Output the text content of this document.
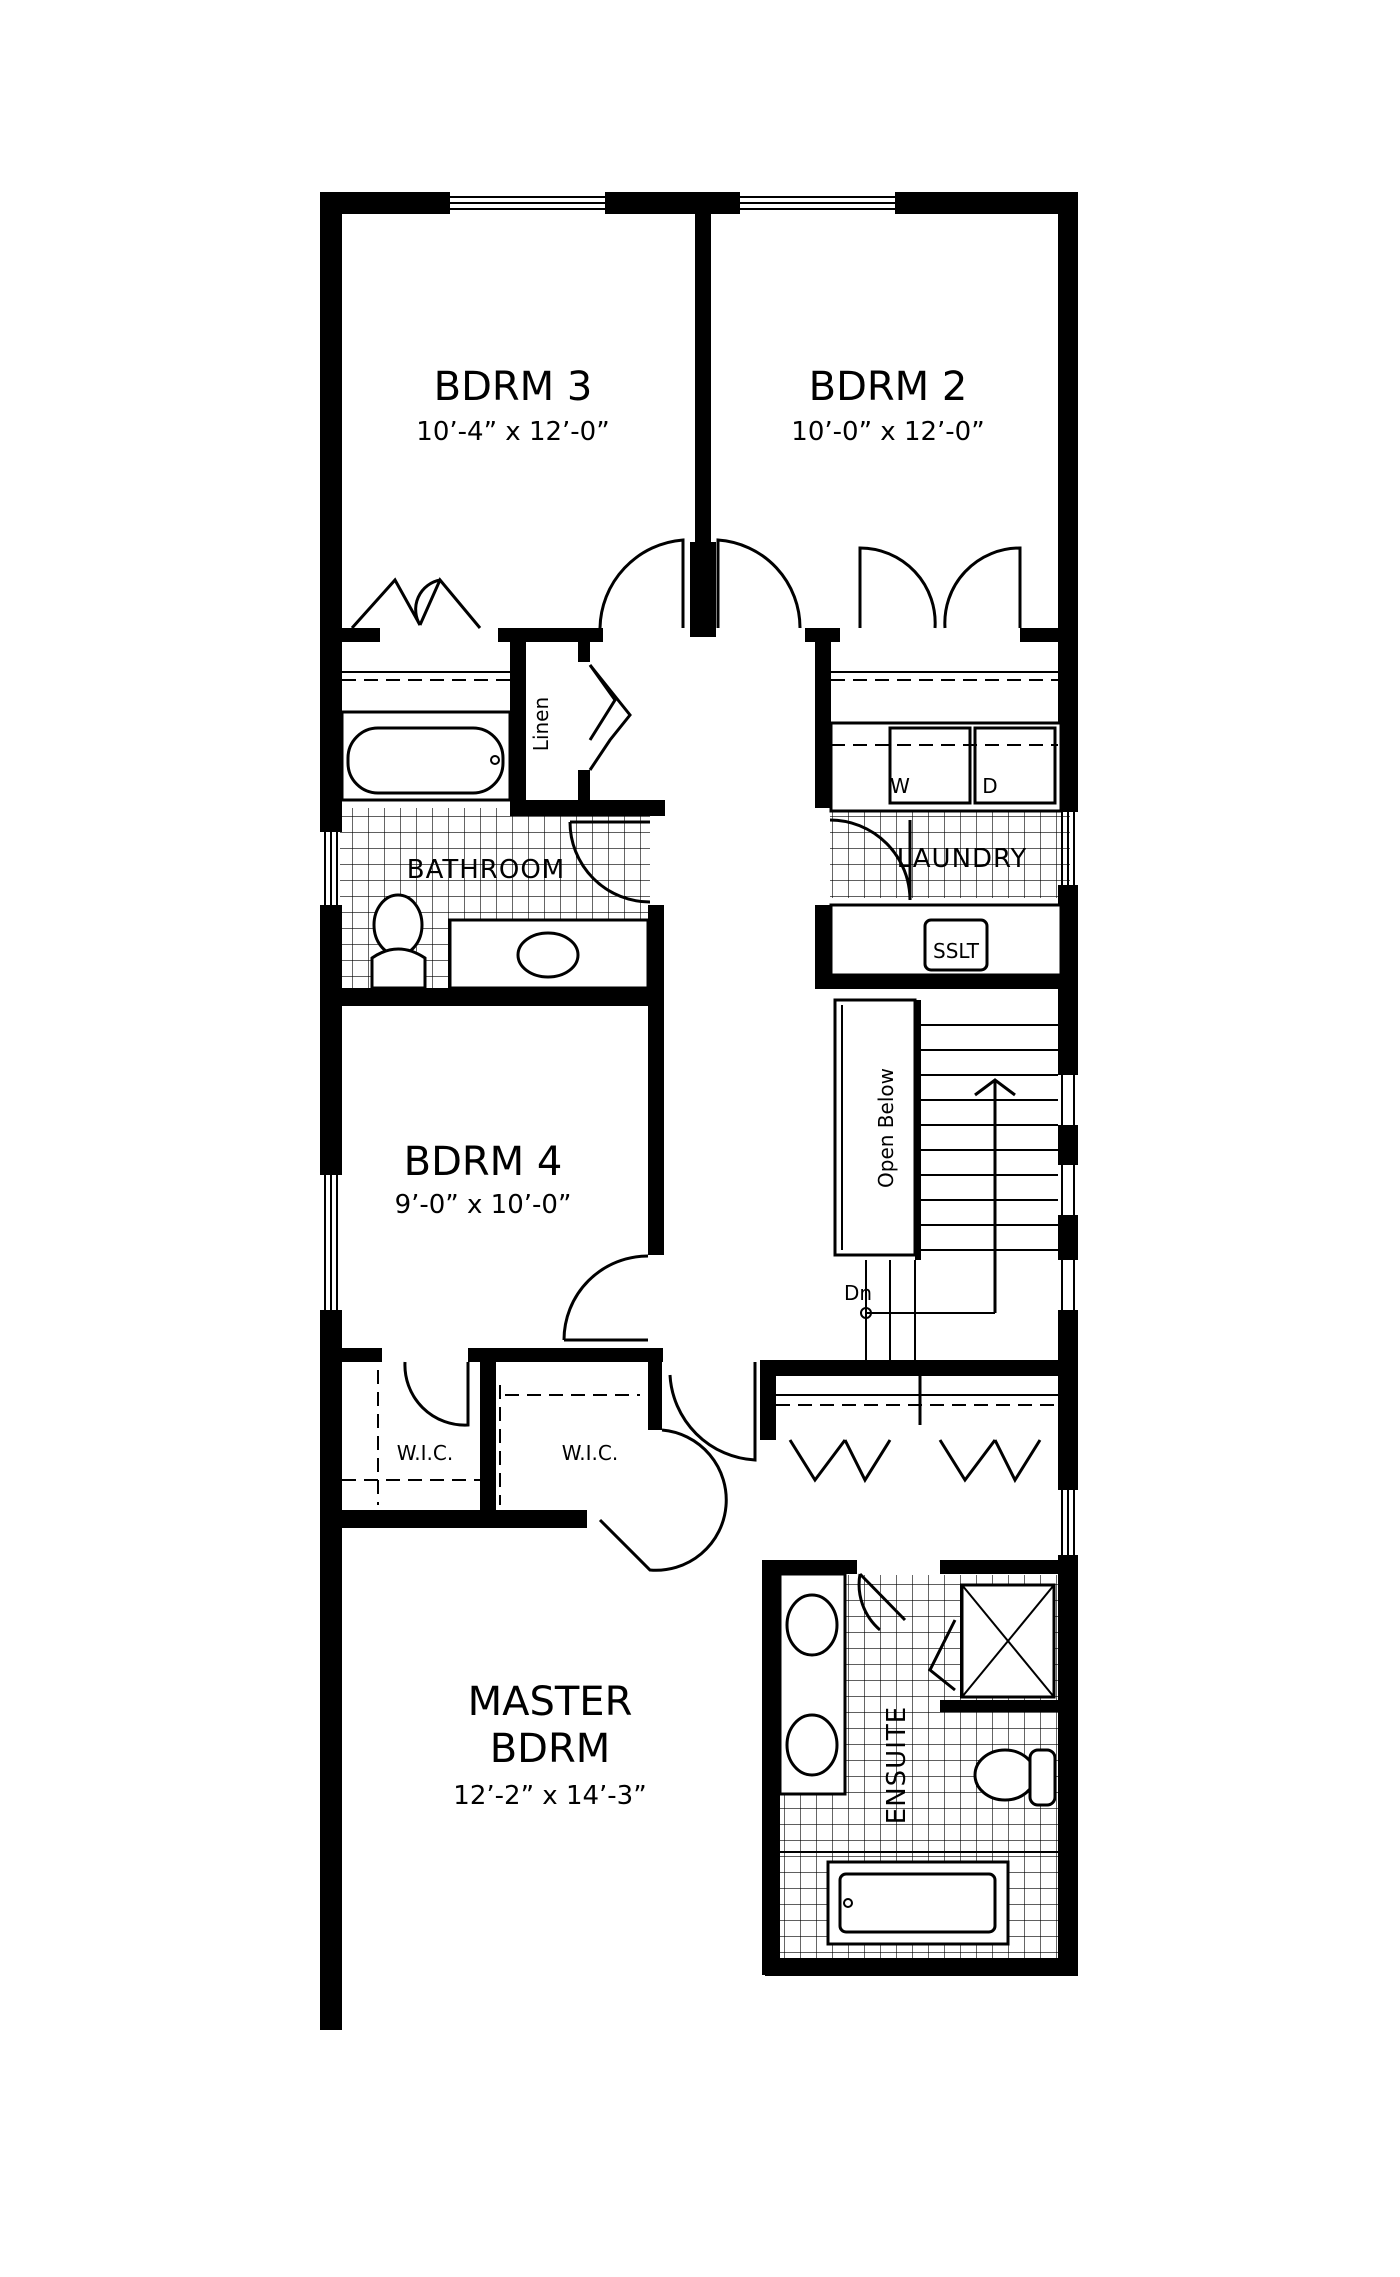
BDRM 3
10’-4” x 12’-0”
BDRM 2
10’-0” x 12’-0”
BATHROOM
Linen
LAUNDRY
W	D
SSLT
Open Below
Dn
BDRM 4
9’-0” x 10’-0”
W.I.C.	W.I.C.
MASTER
BDRM
12’-2” x 14’-3”	ENSUITE
